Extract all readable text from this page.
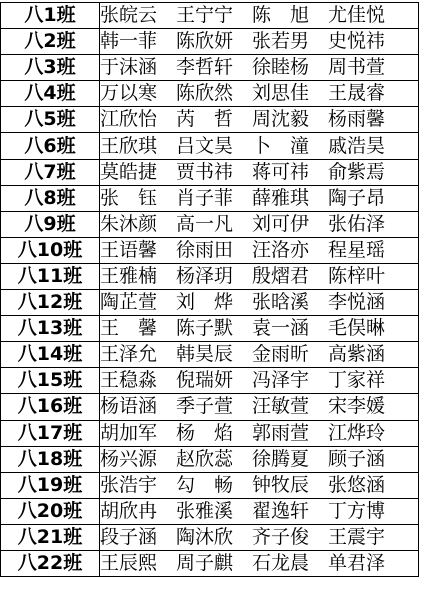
八1班	张皖云 王宁宁 陈　旭 尤佳悦
八2班	韩一菲 陈欣妍 张若男 史悦祎
八3班	于沫涵 李哲轩 徐睦杨 周书萱
八4班	万以寒 陈欣然 刘思佳 王晟睿
八5班	江欣怡 芮　哲 周沈毅 杨雨馨
八6班	王欣琪 吕文昊 卜　潼 戚浩昊
八7班	莫皓捷 贾书祎 蒋可祎 俞紫焉
八8班	张　钰 肖子菲 薛雅琪 陶子昂
八9班	朱沐颜 高一凡 刘可伊 张佑泽
八10班	王语馨 徐雨田 汪洛亦 程星瑶
八11班	王雅楠 杨泽玥 殷熠君 陈梓叶
八12班	陶芷萱 刘　烨 张晗溪 李悦涵
八13班	王　馨 陈子默 袁一涵 毛俣晽
八14班	王泽允 韩昊辰 金雨昕 高紫涵
八15班	王稳淼 倪瑞妍 冯泽宇 丁家祥
八16班	杨语涵 季子萱 汪敏萱 宋李媛
八17班	胡加军 杨　焰 郭雨萱 江烨玲
八18班	杨兴源 赵欣蕊 徐腾夏 顾子涵
八19班	张浩宇 勾　畅 钟牧辰 张悠涵
八20班	胡欣冉 张雅溪 翟逸轩 丁方博
八21班	段子涵 陶沐欣 齐子俊 王震宇
八22班	王辰熙 周子麒 石龙晨 单君泽
